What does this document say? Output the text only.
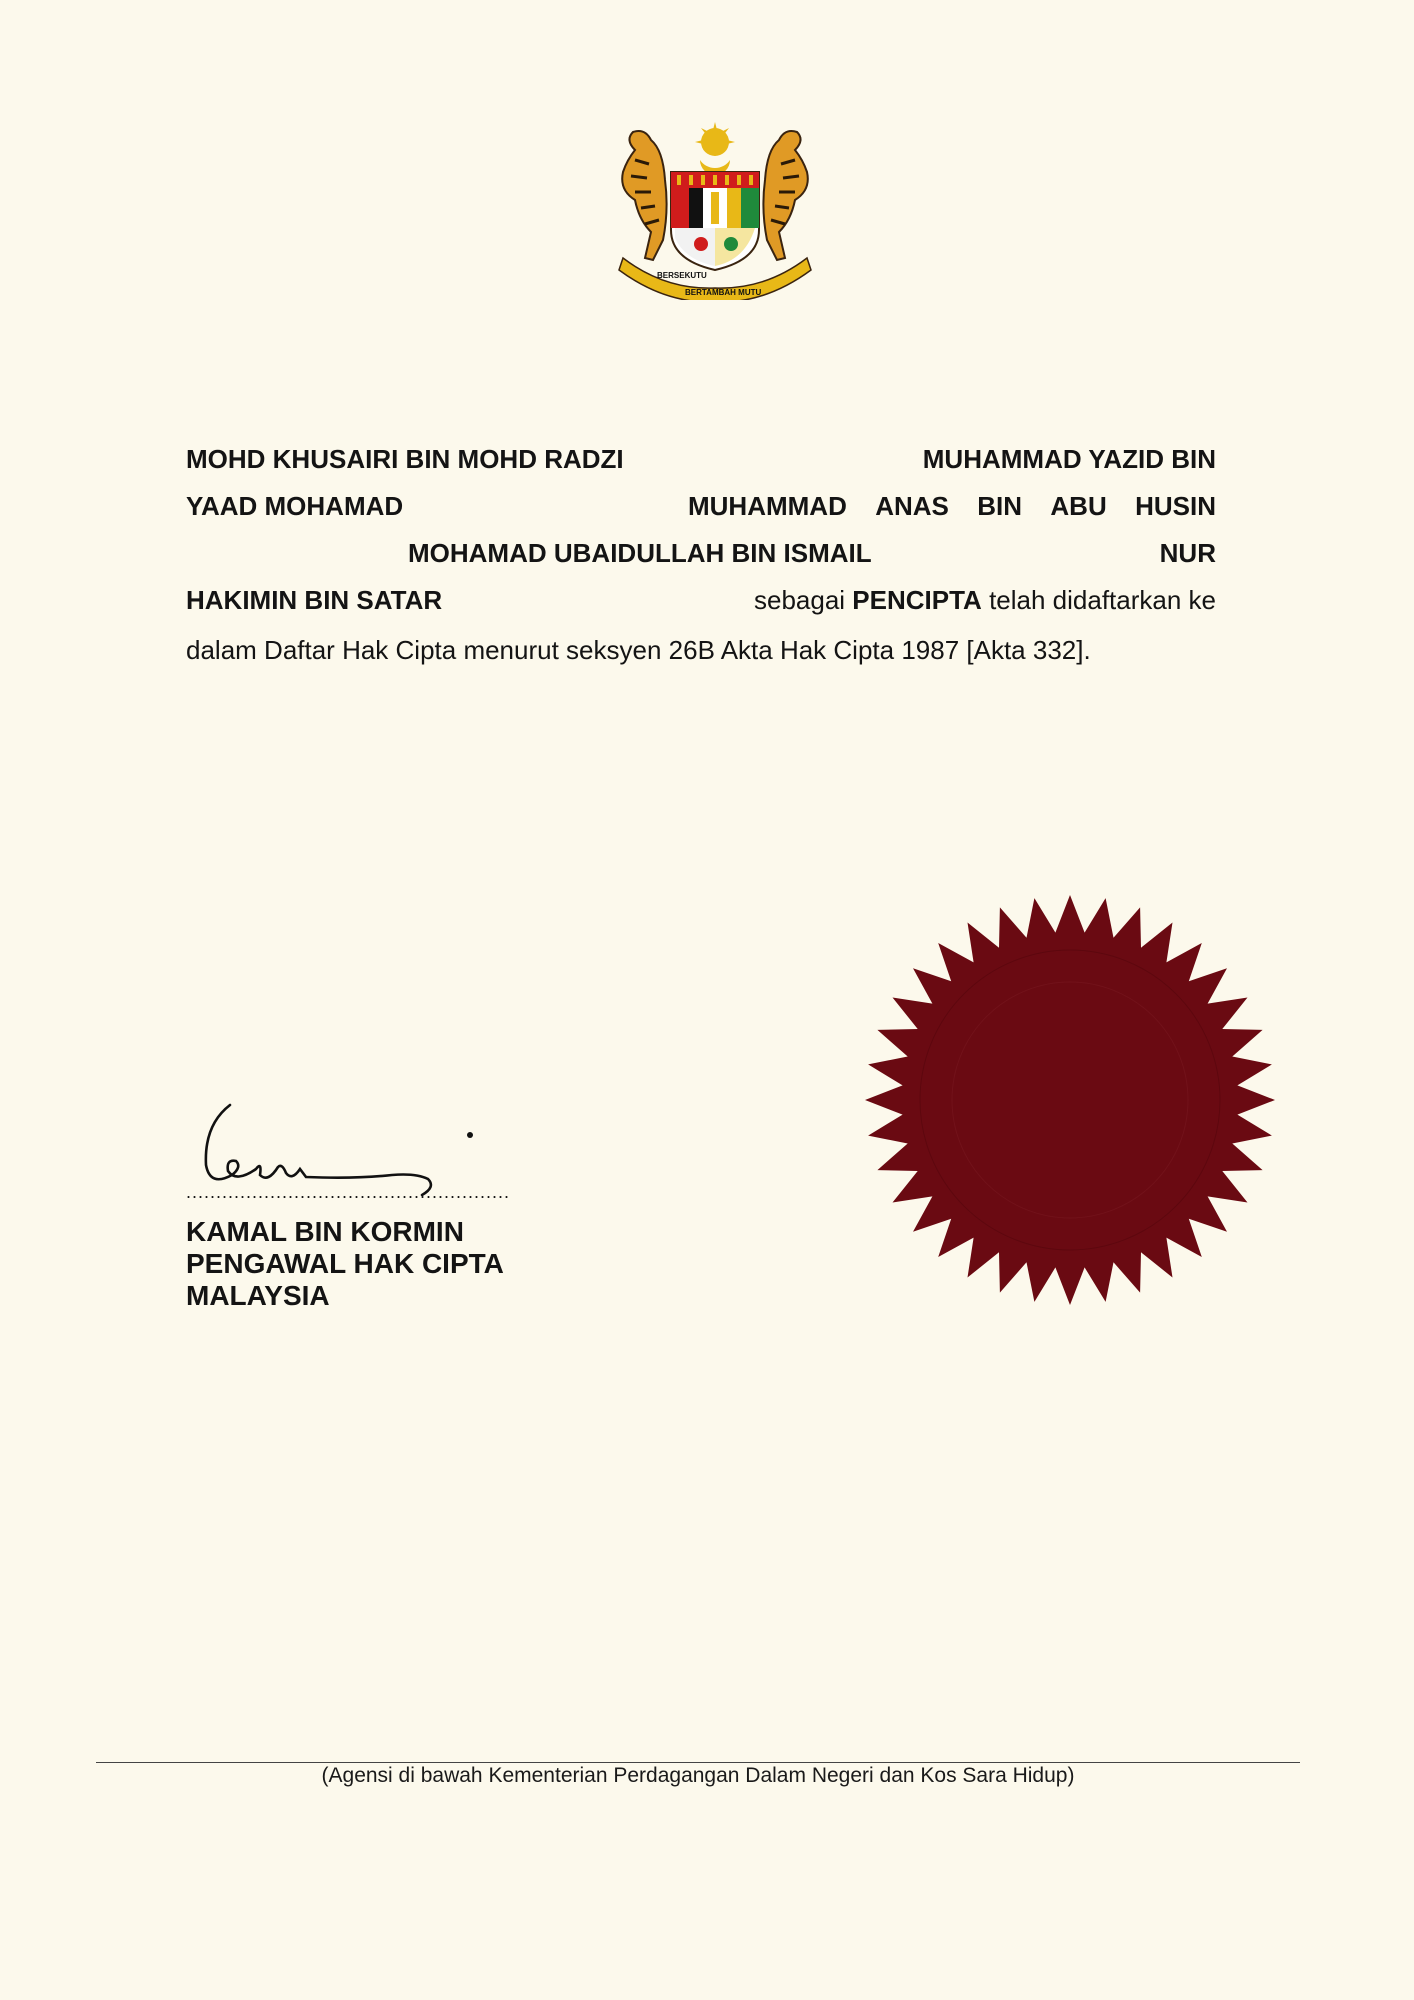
BERSEKUTU
BERTAMBAH MUTU
MOHD KHUSAIRI BIN MOHD RADZI	MUHAMMAD YAZID BIN
YAAD MOHAMAD	MUHAMMAD ANAS BIN ABU HUSIN
MOHAMAD UBAIDULLAH BIN ISMAIL	NUR
HAKIMIN BIN SATAR	sebagai PENCIPTA telah didaftarkan ke
dalam Daftar Hak Cipta menurut seksyen 26B Akta Hak Cipta 1987 [Akta 332].
......................................................
KAMAL BIN KORMIN
PENGAWAL HAK CIPTA
MALAYSIA
(Agensi di bawah Kementerian Perdagangan Dalam Negeri dan Kos Sara Hidup)
